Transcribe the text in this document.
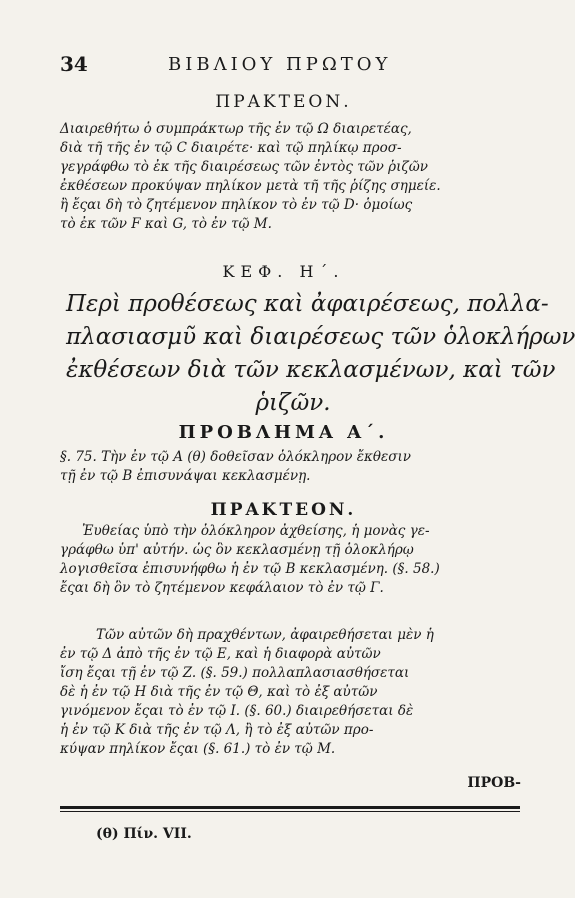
34	ΒΙΒΛΙΟΥ ΠΡΩΤΟΥ
ΠΡΑΚΤΕΟΝ.
Διαιρεθήτω ὁ συμπράκτωρ τῆς ἐν τῷ Ω διαιρετέας,
διὰ τῆ τῆς ἐν τῷ C διαιρέτε· καὶ τῷ πηλίκῳ προσ-
γεγράφθω τὸ ἐκ τῆς διαιρέσεως τῶν ἐντὸς τῶν ῥιζῶν
ἐκθέσεων προκύψαν πηλίκον μετὰ τῆ τῆς ῥίζης σημείε.
ἢ ἔςαι δὴ τὸ ζητέμενον πηλίκον τὸ ἐν τῷ D· ὁμοίως
τὸ ἐκ τῶν F καὶ G, τὸ ἐν τῷ M.
ΚΕΦ. Η΄.
Περὶ προθέσεως καὶ ἀφαιρέσεως, πολλα-
πλασιασμῦ καὶ διαιρέσεως τῶν ὁλοκλήρων
ἐκθέσεων διὰ τῶν κεκλασμένων, καὶ τῶν
ῥιζῶν.
ΠΡΟΒΛΗΜΑ Α΄.
§. 75. Τὴν ἐν τῷ A (θ) δοθεῖσαν ὁλόκληρον ἔκθεσιν
τῇ ἐν τῷ B ἐπισυνάψαι κεκλασμένῃ.
ΠΡΑΚΤΕΟΝ.
Ἐυθείας ὑπὸ τὴν ὁλόκληρον ἀχθείσης, ἡ μονὰς γε-
γράφθω ὑπ' αὐτήν. ὡς ὃν κεκλασμένῃ τῇ ὁλοκλήρῳ
λογισθεῖσα ἐπισυνήφθω ἡ ἐν τῷ B κεκλασμένη. (§. 58.)
ἔςαι δὴ ὃν τὸ ζητέμενον κεφάλαιον τὸ ἐν τῷ Γ.
Τῶν αὐτῶν δὴ πραχθέντων, ἀφαιρεθήσεται μὲν ἡ
ἐν τῷ Δ ἀπὸ τῆς ἐν τῷ E, καὶ ἡ διαφορὰ αὐτῶν
ἴση ἔςαι τῇ ἐν τῷ Z. (§. 59.) πολλαπλασιασθήσεται
δὲ ἡ ἐν τῷ H διὰ τῆς ἐν τῷ Θ, καὶ τὸ ἐξ αὐτῶν
γινόμενον ἔςαι τὸ ἐν τῷ I. (§. 60.) διαιρεθήσεται δὲ
ἡ ἐν τῷ K διὰ τῆς ἐν τῷ Λ, ἢ τὸ ἐξ αὐτῶν προ-
κύψαν πηλίκον ἔςαι (§. 61.) τὸ ἐν τῷ M.
ΠΡΟΒ-
(θ) Πίν. VII.
